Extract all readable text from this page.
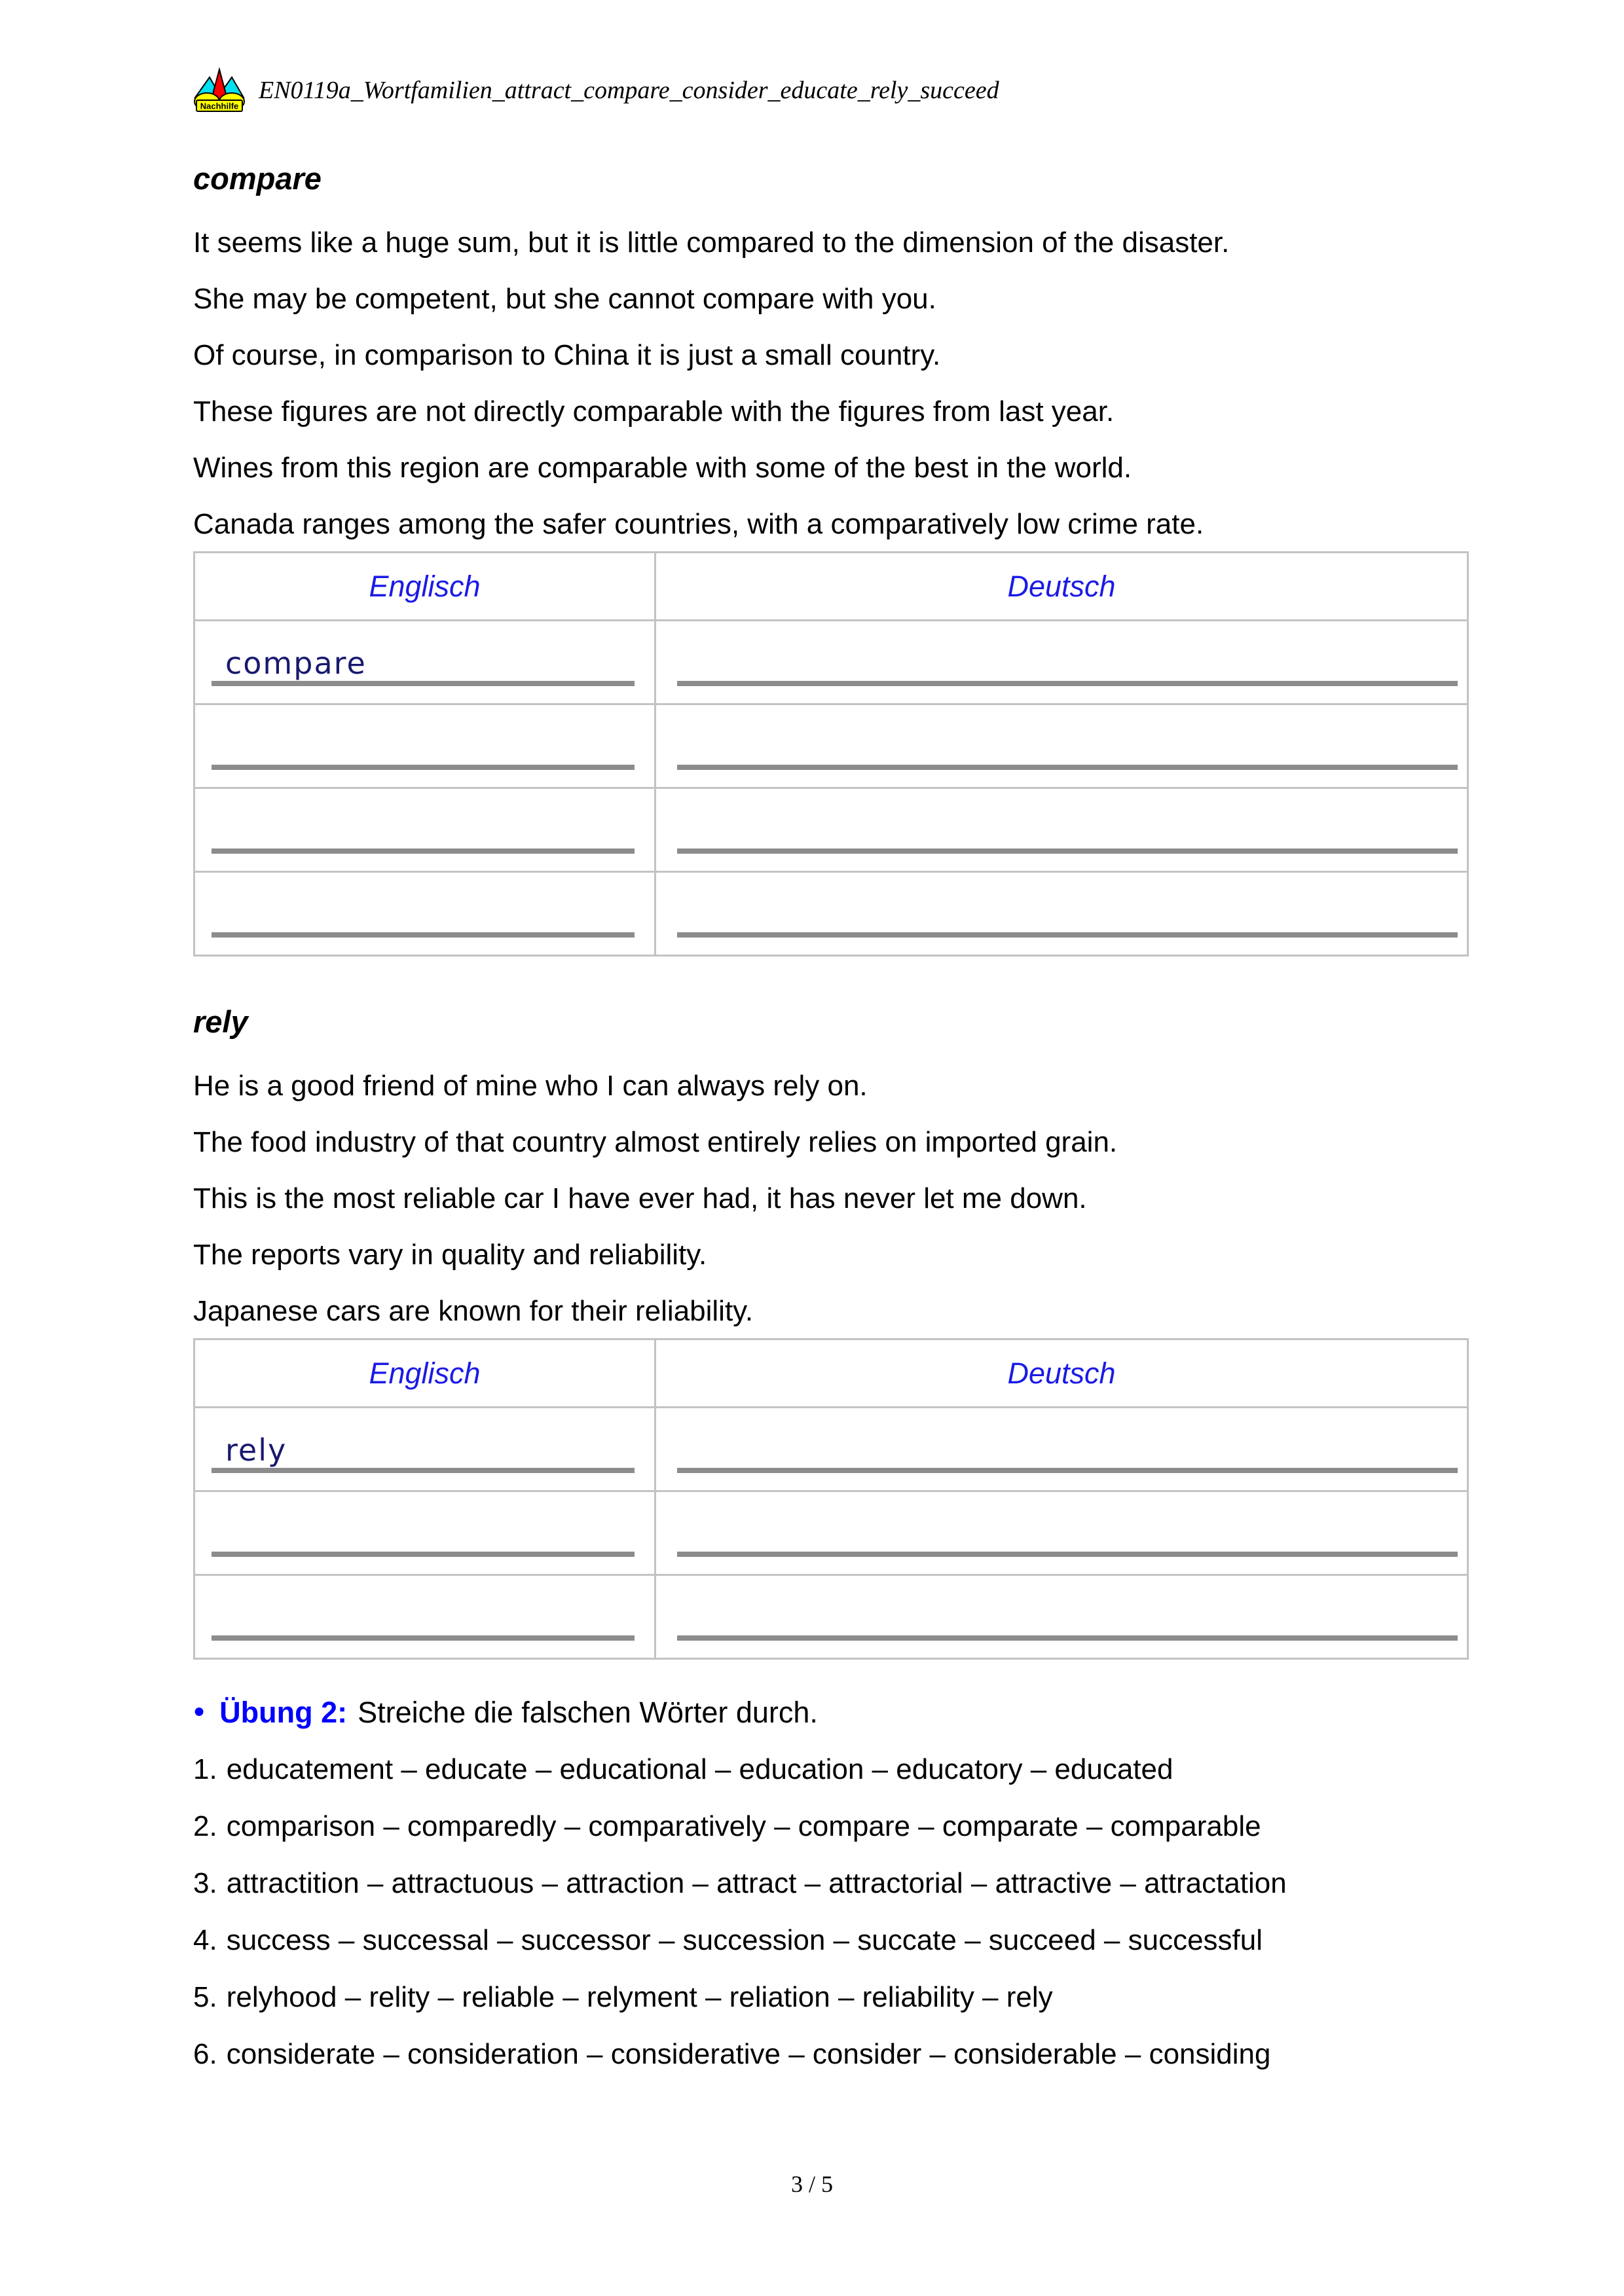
Nachhilfe
EN0119a_Wortfamilien_attract_compare_consider_educate_rely_succeed
compare

It seems like a huge sum, but it is little compared to the dimension of the disaster.

She may be competent, but she cannot compare with you.

Of course, in comparison to China it is just a small country.

These figures are not directly comparable with the figures from last year.

Wines from this region are comparable with some of the best in the world.

Canada ranges among the safer countries, with a comparatively low crime rate.

Englisch	Deutsch

compare	

rely

He is a good friend of mine who I can always rely on.

The food industry of that country almost entirely relies on imported grain.

This is the most reliable car I have ever had, it has never let me down.

The reports vary in quality and reliability.

Japanese cars are known for their reliability.

Englisch	Deutsch

rely	

● Übung 2: Streiche die falschen Wörter durch.
1. educatement – educate – educational – education – educatory – educated
2. comparison – comparedly – comparatively – compare – comparate – comparable
3. attractition – attractuous – attraction – attract – attractorial – attractive – attractation
4. success – successal – successor – succession – succate – succeed – successful
5. relyhood – relity – reliable – relyment – reliation – reliability – rely
6. considerate – consideration – considerative – consider – considerable – considing
3 / 5
